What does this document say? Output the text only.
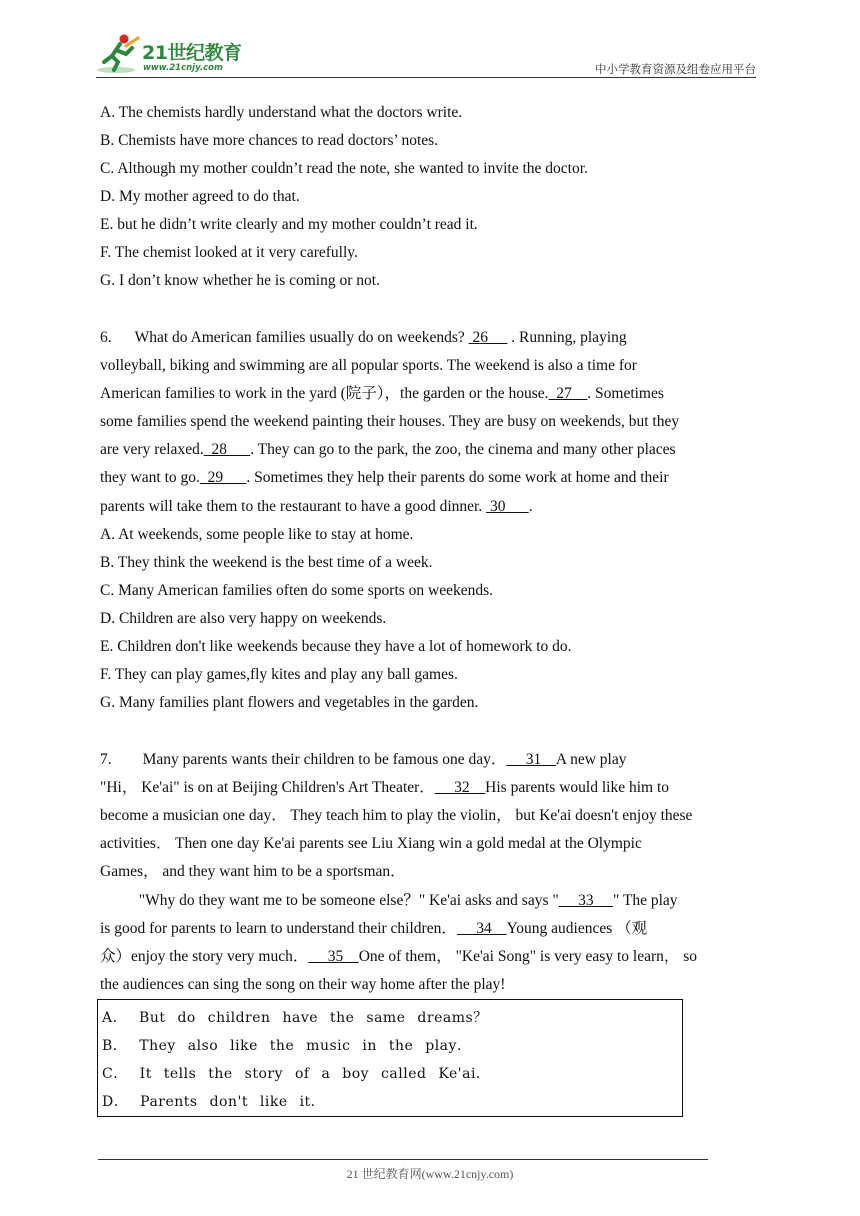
21世纪教育
www.21cnjy.com	中小学教育资源及组卷应用平台
A. The chemists hardly understand what the doctors write.
B. Chemists have more chances to read doctors’ notes.
C. Although my mother couldn’t read the note, she wanted to invite the doctor.
D. My mother agreed to do that.
E. but he didn’t write clearly and my mother couldn’t read it.
F. The chemist looked at it very carefully.
G. I don’t know whether he is coming or not.
6.      What do American families usually do on weekends?  26      . Running, playing
volleyball, biking and swimming are all popular sports. The weekend is also a time for
American families to work in the yard (院子），the garden or the house.  27    . Sometimes
some families spend the weekend painting their houses. They are busy on weekends, but they
are very relaxed.  28      . They can go to the park, the zoo, the cinema and many other places
they want to go.  29      . Sometimes they help their parents do some work at home and their
parents will take them to the restaurant to have a good dinner.  30      .
A. At weekends, some people like to stay at home.
B. They think the weekend is the best time of a week.
C. Many American families often do some sports on weekends.
D. Children are also very happy on weekends.
E. Children don't like weekends because they have a lot of homework to do.
F. They can play games,fly kites and play any ball games.
G. Many families plant flowers and vegetables in the garden.
7.        Many parents wants their children to be famous one day．     31    A new play
"Hi， Ke'ai" is on at Beijing Children's Art Theater．     32    His parents would like him to
become a musician one day． They teach him to play the violin， but Ke'ai doesn't enjoy these
activities． Then one day Ke'ai parents see Liu Xiang win a gold medal at the Olympic
Games， and they want him to be a sportsman．
"Why do they want me to be someone else？" Ke'ai asks and says "     33     " The play
is good for parents to learn to understand their children．     34    Young audiences （观
众）enjoy the story very much．     35    One of them， "Ke'ai Song" is very easy to learn， so
the audiences can sing the song on their way home after the play!
A． But do children have the same dreams？
B． They also like the music in the play．
C． It tells the story of a boy called Ke'ai．
D． Parents don't like it．
21 世纪教育网(www.21cnjy.com)
